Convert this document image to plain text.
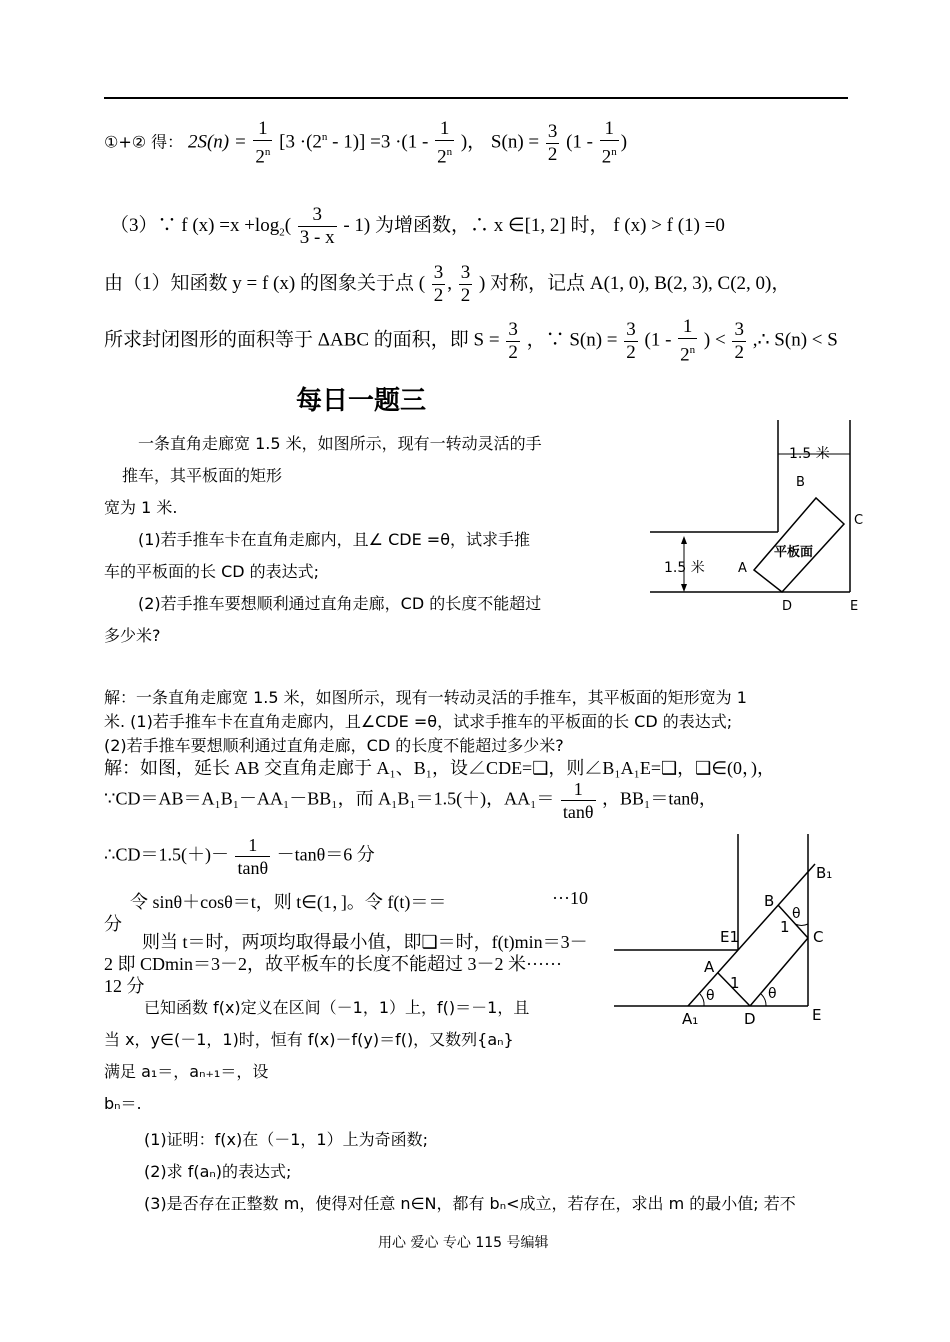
①+② 得： $2S(n) = \frac{1}{2^n} [3 \cdot(2^n - 1)] =3 \cdot(1 - \frac{1}{2^n}$ )， $S(n) = \frac{3}{2} (1 - \frac{1}{2^n}$ )
（3）∵ f $(x) =x +\log_2( \frac{3}{3 - x} - 1)$ 为增函数，∴ x ∈[1, 2] 时， f (x) > f (1) =0
由（1）知函数 y = f (x) 的图象关于点 ( $\frac{3}{2}$ , $\frac{3}{2}$ ) 对称，记点 A(1, 0), B(2, 3), C(2, 0)，
所求封闭图形的面积等于 ΔABC 的面积，即 $S = \frac{3}{2}$ ，∵ $S(n) = \frac{3}{2} (1 - \frac{1}{2^n}$ ) < $\frac{3}{2}$ ,∴ S(n) < S
每日一题三
一条直角走廊宽 1.5 米，如图所示，现有一转动灵活的手
推车，其平板面的矩形
宽为 1 米.
(1)若手推车卡在直角走廊内，且∠ CDE =θ，试求手推
车的平板面的长 CD 的表达式;
(2)若手推车要想顺利通过直角走廊，CD 的长度不能超过
多少米?
1.5 米
1.5 米
B
C
A
D	E
平板面
解：一条直角走廊宽 1.5 米，如图所示，现有一转动灵活的手推车，其平板面的矩形宽为 1
米. (1)若手推车卡在直角走廊内，且∠CDE =θ，试求手推车的平板面的长 CD 的表达式;
(2)若手推车要想顺利通过直角走廊，CD 的长度不能超过多少米?
解：如图，延长 AB 交直角走廊于 A₁、B₁，设∠CDE=❑，则∠B₁A₁E=❑，❑∈(0，)，
∵CD＝AB＝A₁B₁－AA₁－BB₁，而 A₁B₁＝1.5(＋)，$AA_1= \frac{1}{\tan\theta}$ ，BB₁＝tanθ，
∴CD＝1.5(＋)－ $\frac{1}{\tan\theta} -\tan\theta=6$ 分
令 sinθ＋cosθ＝t，则 t∈(1，]。令 f(t)＝＝	···10
分
则当 t＝时，两项均取得最小值，即❑＝时，f(t)min＝3－
2 即 CDmin＝3－2，故平板车的长度不能超过 3－2 米······
12 分
已知函数 f(x)定义在区间（－1，1）上，f()＝－1，且
当 x，y∈(－1，1)时，恒有 f(x)－f(y)＝f()，又数列{aₙ}
满足 a₁＝，aₙ₊₁＝，设
bₙ＝.
(1)证明：f(x)在（－1，1）上为奇函数;
(2)求 f(aₙ)的表达式;
(3)是否存在正整数 m，使得对任意 n∈N，都有 bₙ<成立，若存在，求出 m 的最小值; 若不
B₁
B
E1	C
A
A₁	D	E
1
1
θ	θ
θ
用心 爱心 专心 115 号编辑
